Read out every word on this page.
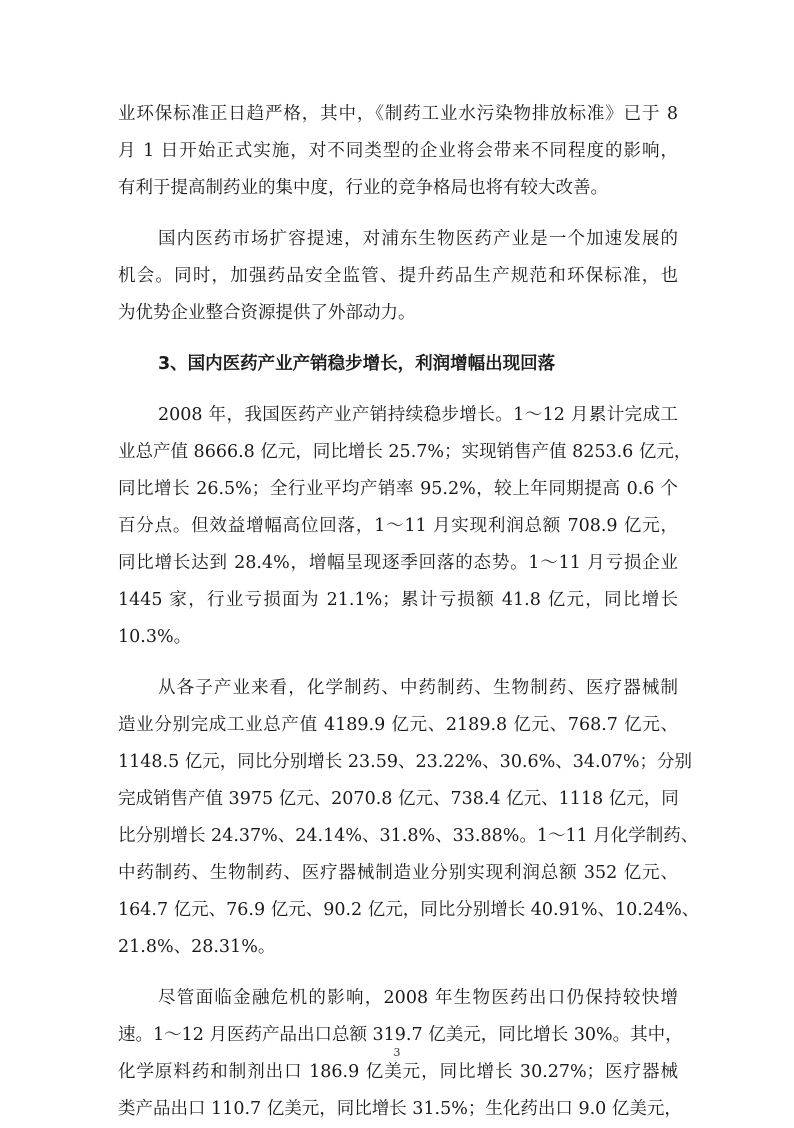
业环保标准正日趋严格，其中，《制药工业水污染物排放标准》已于 8
月 1 日开始正式实施，对不同类型的企业将会带来不同程度的影响，
有利于提高制药业的集中度，行业的竞争格局也将有较大改善。
国内医药市场扩容提速，对浦东生物医药产业是一个加速发展的
机会。同时，加强药品安全监管、提升药品生产规范和环保标准，也
为优势企业整合资源提供了外部动力。
3、国内医药产业产销稳步增长，利润增幅出现回落
2008 年，我国医药产业产销持续稳步增长。1～12 月累计完成工
业总产值 8666.8 亿元，同比增长 25.7%；实现销售产值 8253.6 亿元，
同比增长 26.5%；全行业平均产销率 95.2%，较上年同期提高 0.6 个
百分点。但效益增幅高位回落，1～11 月实现利润总额 708.9 亿元，
同比增长达到 28.4%，增幅呈现逐季回落的态势。1～11 月亏损企业
1445 家，行业亏损面为 21.1%；累计亏损额 41.8 亿元，同比增长
10.3%。
从各子产业来看，化学制药、中药制药、生物制药、医疗器械制
造业分别完成工业总产值 4189.9 亿元、2189.8 亿元、768.7 亿元、
1148.5 亿元，同比分别增长 23.59、23.22%、30.6%、34.07%；分别
完成销售产值 3975 亿元、2070.8 亿元、738.4 亿元、1118 亿元，同
比分别增长 24.37%、24.14%、31.8%、33.88%。1～11 月化学制药、
中药制药、生物制药、医疗器械制造业分别实现利润总额 352 亿元、
164.7 亿元、76.9 亿元、90.2 亿元，同比分别增长 40.91%、10.24%、
21.8%、28.31%。
尽管面临金融危机的影响，2008 年生物医药出口仍保持较快增
速。1～12 月医药产品出口总额 319.7 亿美元，同比增长 30%。其中，
化学原料药和制剂出口 186.9 亿美元，同比增长 30.27%；医疗器械
类产品出口 110.7 亿美元，同比增长 31.5%；生化药出口 9.0 亿美元，
3
